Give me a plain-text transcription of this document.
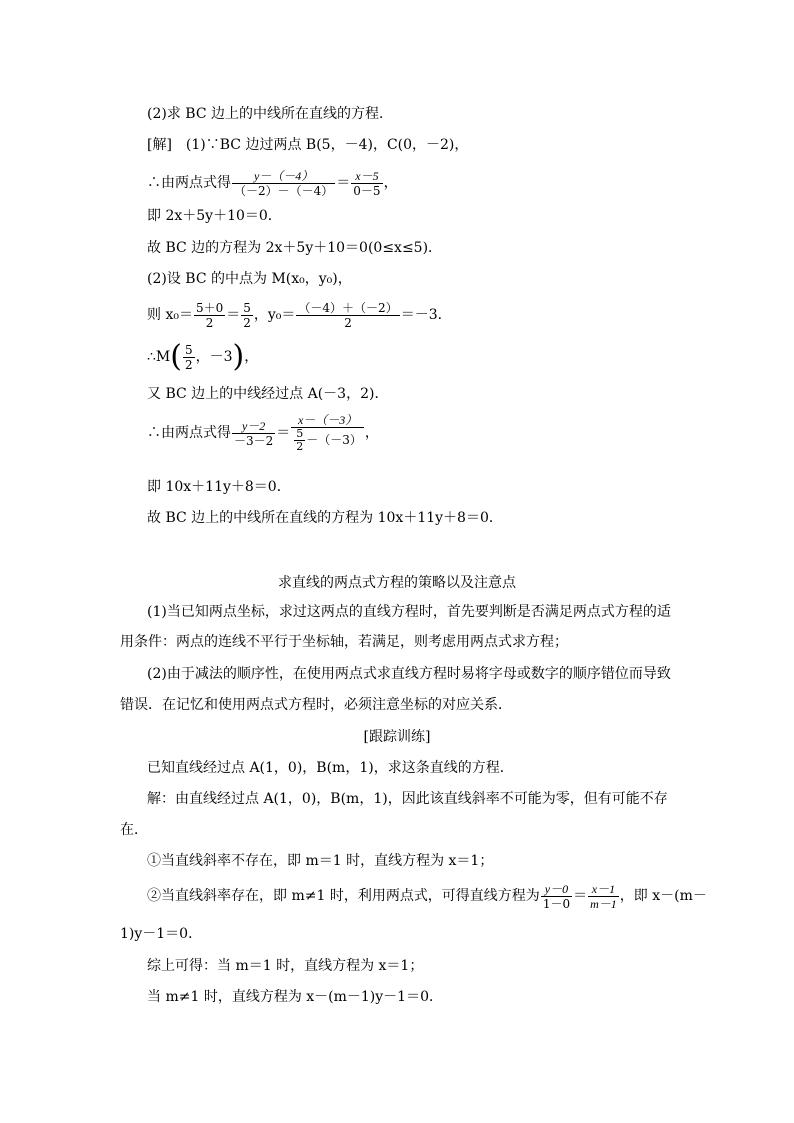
(2)求 BC 边上的中线所在直线的方程．
[解]　(1)∵BC 边过两点 B(5，－4)，C(0，－2)，
∴由两点式得 $\frac{y-(-4)}{(-2)-(-4)} = \frac{x-5}{0-5}$ ，
即 2x＋5y＋10＝0．
故 BC 边的方程为 2x＋5y＋10＝0(0≤x≤5)．
(2)设 BC 的中点为 M(x₀，y₀)，
则 $x_0= \frac{5+0}{2} = \frac{5}{2}$ ，$y_0= \frac{(-4)+(-2)}{2} =-3$．
∴M( $\frac{5}{2}$ ，－3)，
又 BC 边上的中线经过点 A(－3，2)．
∴由两点式得 $\frac{y-2}{-3-2} = \frac{x-(-3)}{\frac{5}{2} -(-3)}$ ，
即 10x＋11y＋8＝0．
故 BC 边上的中线所在直线的方程为 10x＋11y＋8＝0．
求直线的两点式方程的策略以及注意点
(1)当已知两点坐标，求过这两点的直线方程时，首先要判断是否满足两点式方程的适
用条件：两点的连线不平行于坐标轴，若满足，则考虑用两点式求方程；
(2)由于减法的顺序性，在使用两点式求直线方程时易将字母或数字的顺序错位而导致
错误．在记忆和使用两点式方程时，必须注意坐标的对应关系．
[跟踪训练]
已知直线经过点 A(1，0)，B(m，1)，求这条直线的方程．
解：由直线经过点 A(1，0)，B(m，1)，因此该直线斜率不可能为零，但有可能不存
在．
①当直线斜率不存在，即 m＝1 时，直线方程为 x＝1；
②当直线斜率存在，即 m≠1 时，利用两点式，可得直线方程为 $\frac{y-0}{1-0} = \frac{x-1}{m-1}$ ，即 x－(m－
1)y－1＝0．
综上可得：当 m＝1 时，直线方程为 x＝1；
当 m≠1 时，直线方程为 x－(m－1)y－1＝0．
